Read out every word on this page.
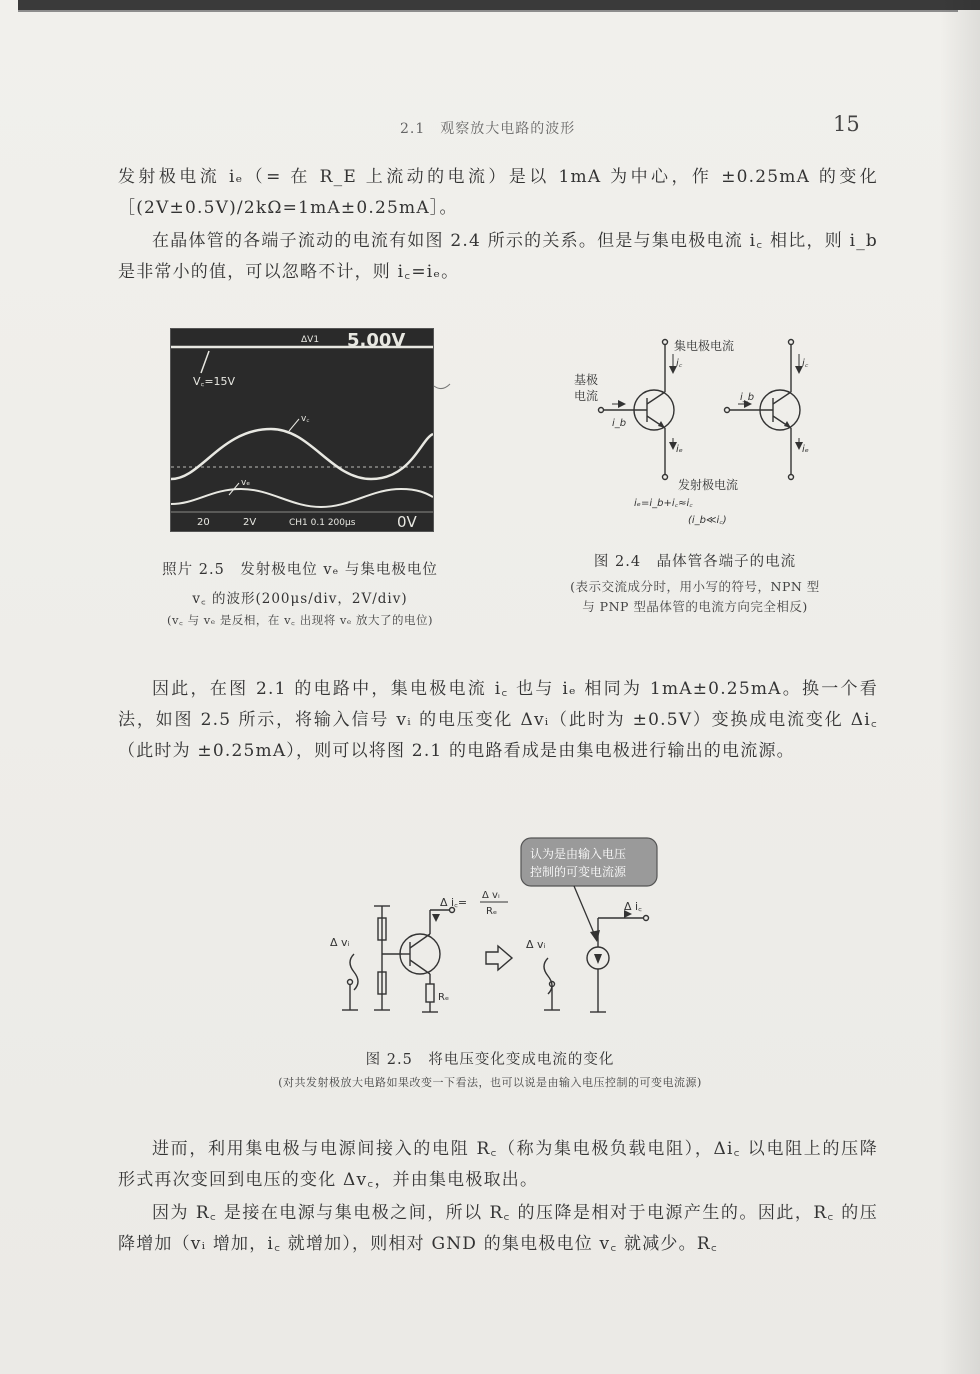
2.1　观察放大电路的波形	15
发射极电流 iₑ（= 在 R_E 上流动的电流）是以 1mA 为中心，作 ±0.25mA 的变化［(2V±0.5V)/2kΩ=1mA±0.25mA］。
在晶体管的各端子流动的电流有如图 2.4 所示的关系。但是与集电极电流 i꜀ 相比，则 i_b 是非常小的值，可以忽略不计，则 i꜀=iₑ。
ΔV1 5.00V
V꜀=15V
v꜀
vₑ
20	2V	CH1 0.1 200μs	0V
照片 2.5　发射极电位 vₑ 与集电极电位
v꜀ 的波形(200μs/div，2V/div)
(v꜀ 与 vₑ 是反相，在 v꜀ 出现将 vₑ 放大了的电位)
集电极电流
基极
电流
i꜀	i꜀
i_b
i_b
iₑ	iₑ
发射极电流
iₑ=i_b+i꜀≈i꜀
(i_b≪i꜀)
图 2.4　晶体管各端子的电流
(表示交流成分时，用小写的符号，NPN 型
与 PNP 型晶体管的电流方向完全相反)
因此，在图 2.1 的电路中，集电极电流 i꜀ 也与 iₑ 相同为 1mA±0.25mA。换一个看法，如图 2.5 所示，将输入信号 vᵢ 的电压变化 Δvᵢ（此时为 ±0.5V）变换成电流变化 Δi꜀（此时为 ±0.25mA），则可以将图 2.1 的电路看成是由集电极进行输出的电流源。
认为是由输入电压
控制的可变电流源
Δ vᵢ
Δ i꜀=
Δ vᵢ
Rₑ
Rₑ
Δ vᵢ
Δ i꜀
图 2.5　将电压变化变成电流的变化
(对共发射极放大电路如果改变一下看法，也可以说是由输入电压控制的可变电流源)
进而，利用集电极与电源间接入的电阻 R꜀（称为集电极负载电阻），Δi꜀ 以电阻上的压降形式再次变回到电压的变化 Δv꜀，并由集电极取出。
因为 R꜀ 是接在电源与集电极之间，所以 R꜀ 的压降是相对于电源产生的。因此，R꜀ 的压降增加（vᵢ 增加，i꜀ 就增加），则相对 GND 的集电极电位 v꜀ 就减少。R꜀
